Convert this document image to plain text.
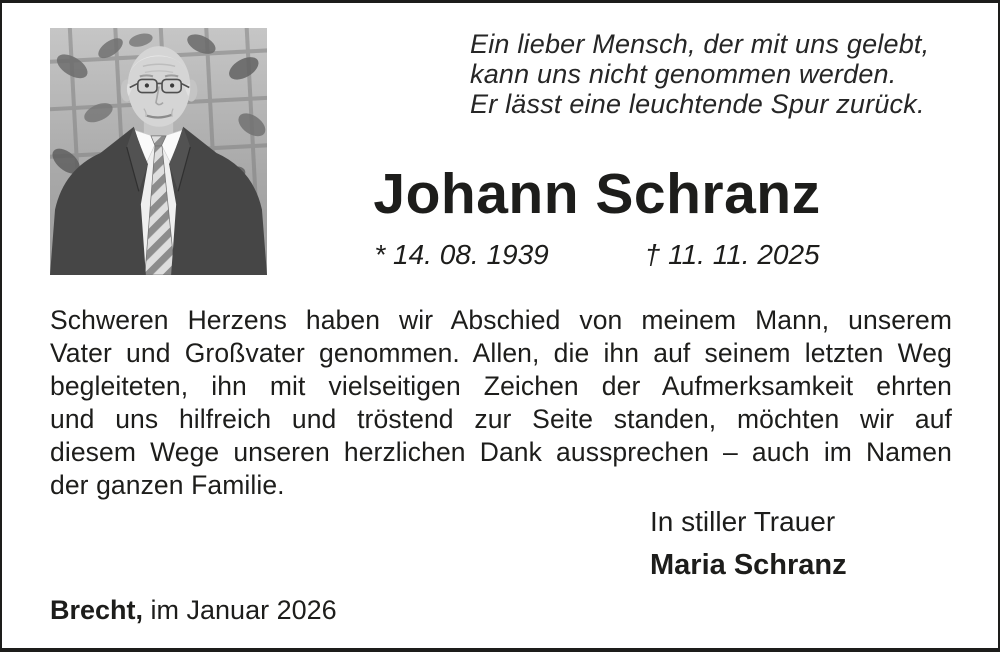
Ein lieber Mensch, der mit uns gelebt,
kann uns nicht genommen werden.
Er lässt eine leuchtende Spur zurück.
Johann Schranz
* 14. 08. 1939	† 11. 11. 2025
Schweren Herzens haben wir Abschied von meinem Mann, unserem
Vater und Großvater genommen. Allen, die ihn auf seinem letzten Weg
begleiteten, ihn mit vielseitigen Zeichen der Aufmerksamkeit ehrten
und uns hilfreich und tröstend zur Seite standen, möchten wir auf
diesem Wege unseren herzlichen Dank aussprechen – auch im Namen
der ganzen Familie.
In stiller Trauer
Maria Schranz
Brecht, im Januar 2026
